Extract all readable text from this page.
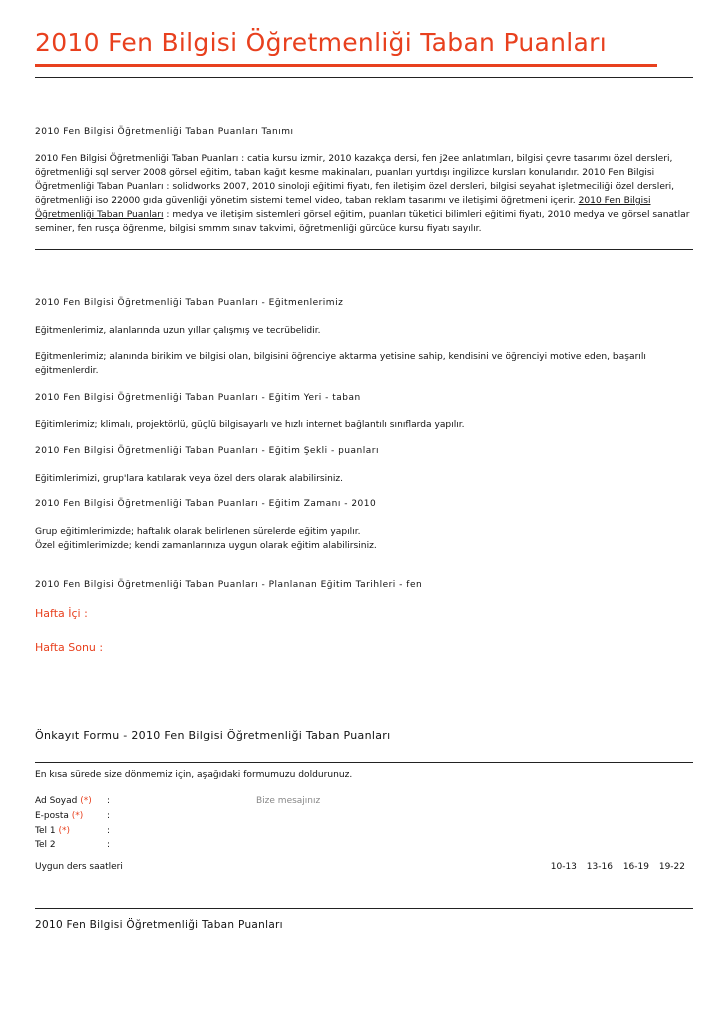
2010 Fen Bilgisi Öğretmenliği Taban Puanları
2010 Fen Bilgisi Öğretmenliği Taban Puanları Tanımı
2010 Fen Bilgisi Öğretmenliği Taban Puanları : catia kursu izmir, 2010 kazakça dersi, fen j2ee anlatımları, bilgisi çevre tasarımı özel dersleri, öğretmenliği sql server 2008 görsel eğitim, taban kağıt kesme makinaları, puanları yurtdışı ingilizce kursları konularıdır. 2010 Fen Bilgisi Öğretmenliği Taban Puanları : solidworks 2007, 2010 sinoloji eğitimi fiyatı, fen iletişim özel dersleri, bilgisi seyahat işletmeciliği özel dersleri, öğretmenliği iso 22000 gıda güvenliği yönetim sistemi temel video, taban reklam tasarımı ve iletişimi öğretmeni içerir. 2010 Fen Bilgisi Öğretmenliği Taban Puanları : medya ve iletişim sistemleri görsel eğitim, puanları tüketici bilimleri eğitimi fiyatı, 2010 medya ve görsel sanatlar seminer, fen rusça öğrenme, bilgisi smmm sınav takvimi, öğretmenliği gürcüce kursu fiyatı sayılır.
2010 Fen Bilgisi Öğretmenliği Taban Puanları - Eğitmenlerimiz
Eğitmenlerimiz, alanlarında uzun yıllar çalışmış ve tecrübelidir.
Eğitmenlerimiz; alanında birikim ve bilgisi olan, bilgisini öğrenciye aktarma yetisine sahip, kendisini ve öğrenciyi motive eden, başarılı eğitmenlerdir.
2010 Fen Bilgisi Öğretmenliği Taban Puanları - Eğitim Yeri - taban
Eğitimlerimiz; klimalı, projektörlü, güçlü bilgisayarlı ve hızlı internet bağlantılı sınıflarda yapılır.
2010 Fen Bilgisi Öğretmenliği Taban Puanları - Eğitim Şekli - puanları
Eğitimlerimizi, grup'lara katılarak veya özel ders olarak alabilirsiniz.
2010 Fen Bilgisi Öğretmenliği Taban Puanları - Eğitim Zamanı - 2010
Grup eğitimlerimizde; haftalık olarak belirlenen sürelerde eğitim yapılır.
Özel eğitimlerimizde; kendi zamanlarınıza uygun olarak eğitim alabilirsiniz.
2010 Fen Bilgisi Öğretmenliği Taban Puanları - Planlanan Eğitim Tarihleri - fen
Hafta İçi :
Hafta Sonu :
Önkayıt Formu - 2010 Fen Bilgisi Öğretmenliği Taban Puanları
En kısa sürede size dönmemiz için, aşağıdaki formumuzu doldurunuz.
Ad Soyad (*) :	Bize mesajınız
E-posta (*)	:
Tel 1 (*)	:
Tel 2	:
Uygun ders saatleri	10-13 13-16 16-19 19-22
2010 Fen Bilgisi Öğretmenliği Taban Puanları
